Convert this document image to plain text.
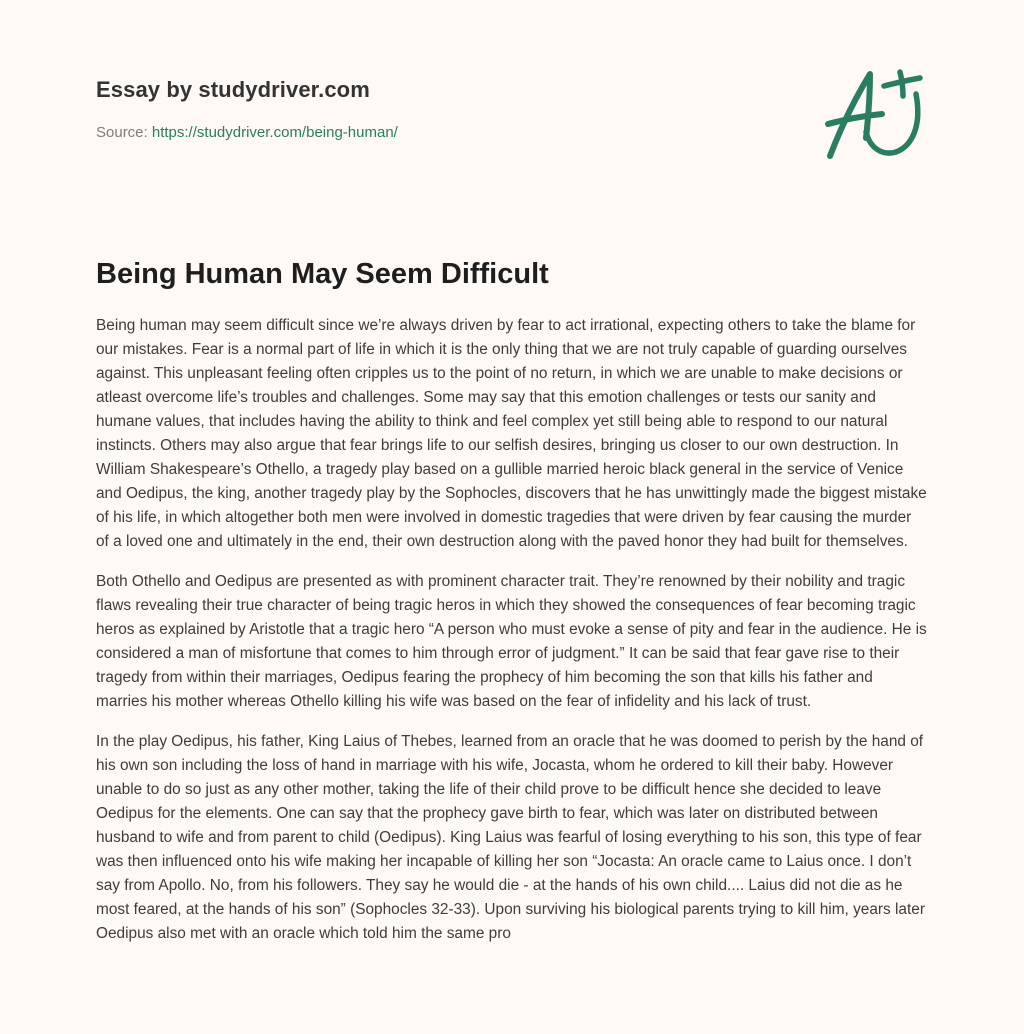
Essay by studydriver.com
Source: https://studydriver.com/being-human/
Being Human May Seem Difficult

Being human may seem difficult since we’re always driven by fear to act irrational, expecting others to take the blame for our mistakes. Fear is a normal part of life in which it is the only thing that we are not truly capable of guarding ourselves against. This unpleasant feeling often cripples us to the point of no return, in which we are unable to make decisions or atleast overcome life’s troubles and challenges. Some may say that this emotion challenges or tests our sanity and humane values, that includes having the ability to think and feel complex yet still being able to respond to our natural instincts. Others may also argue that fear brings life to our selfish desires, bringing us closer to our own destruction. In William Shakespeare’s Othello, a tragedy play based on a gullible married heroic black general in the service of Venice and Oedipus, the king, another tragedy play by the Sophocles, discovers that he has unwittingly made the biggest mistake of his life, in which altogether both men were involved in domestic tragedies that were driven by fear causing the murder of a loved one and ultimately in the end, their own destruction along with the paved honor they had built for themselves.

Both Othello and Oedipus are presented as with prominent character trait. They’re renowned by their nobility and tragic flaws revealing their true character of being tragic heros in which they showed the consequences of fear becoming tragic heros as explained by Aristotle that a tragic hero “A person who must evoke a sense of pity and fear in the audience. He is considered a man of misfortune that comes to him through error of judgment.” It can be said that fear gave rise to their tragedy from within their marriages, Oedipus fearing the prophecy of him becoming the son that kills his father and marries his mother whereas Othello killing his wife was based on the fear of infidelity and his lack of trust.

In the play Oedipus, his father, King Laius of Thebes, learned from an oracle that he was doomed to perish by the hand of his own son including the loss of hand in marriage with his wife, Jocasta, whom he ordered to kill their baby. However unable to do so just as any other mother, taking the life of their child prove to be difficult hence she decided to leave Oedipus for the elements. One can say that the prophecy gave birth to fear, which was later on distributed between husband to wife and from parent to child (Oedipus). King Laius was fearful of losing everything to his son, this type of fear was then influenced onto his wife making her incapable of killing her son “Jocasta: An oracle came to Laius once. I don’t say from Apollo. No, from his followers. They say he would die - at the hands of his own child.... Laius did not die as he most feared, at the hands of his son” (Sophocles 32-33). Upon surviving his biological parents trying to kill him, years later Oedipus also met with an oracle which told him the same pro
